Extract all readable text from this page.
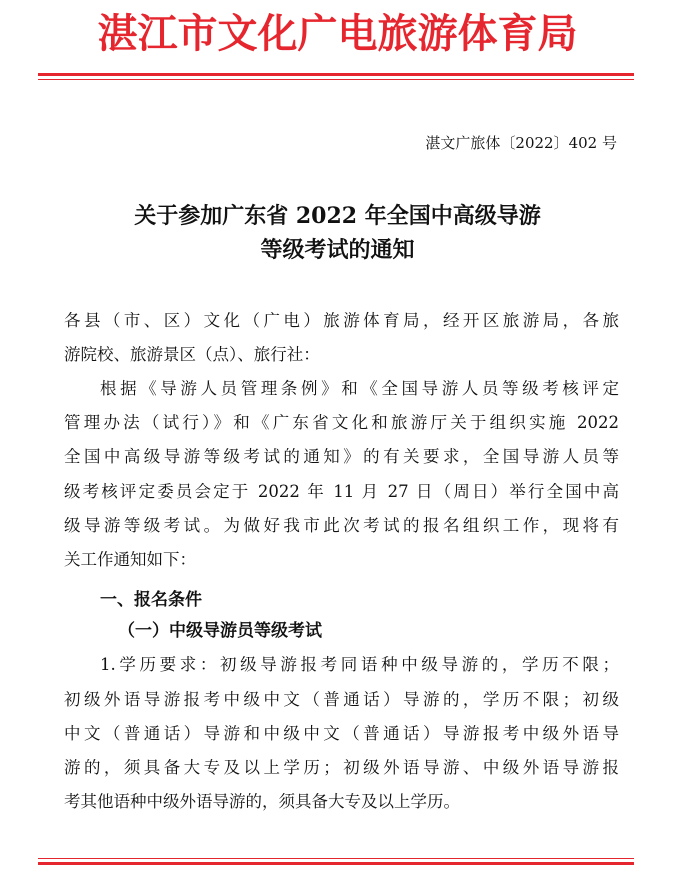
湛江市文化广电旅游体育局
湛文广旅体〔2022〕402 号
关于参加广东省 2022 年全国中高级导游
等级考试的通知
各县（市、区）文化（广电）旅游体育局，经开区旅游局，各旅
游院校、旅游景区（点）、旅行社：
根据《导游人员管理条例》和《全国导游人员等级考核评定
管理办法（试行）》和《广东省文化和旅游厅关于组织实施 2022
全国中高级导游等级考试的通知》的有关要求，全国导游人员等
级考核评定委员会定于 2022 年 11 月 27 日（周日）举行全国中高
级导游等级考试。为做好我市此次考试的报名组织工作，现将有
关工作通知如下：
一、报名条件
（一）中级导游员等级考试
1.学历要求：初级导游报考同语种中级导游的，学历不限；
初级外语导游报考中级中文（普通话）导游的，学历不限；初级
中文（普通话）导游和中级中文（普通话）导游报考中级外语导
游的，须具备大专及以上学历；初级外语导游、中级外语导游报
考其他语种中级外语导游的，须具备大专及以上学历。
